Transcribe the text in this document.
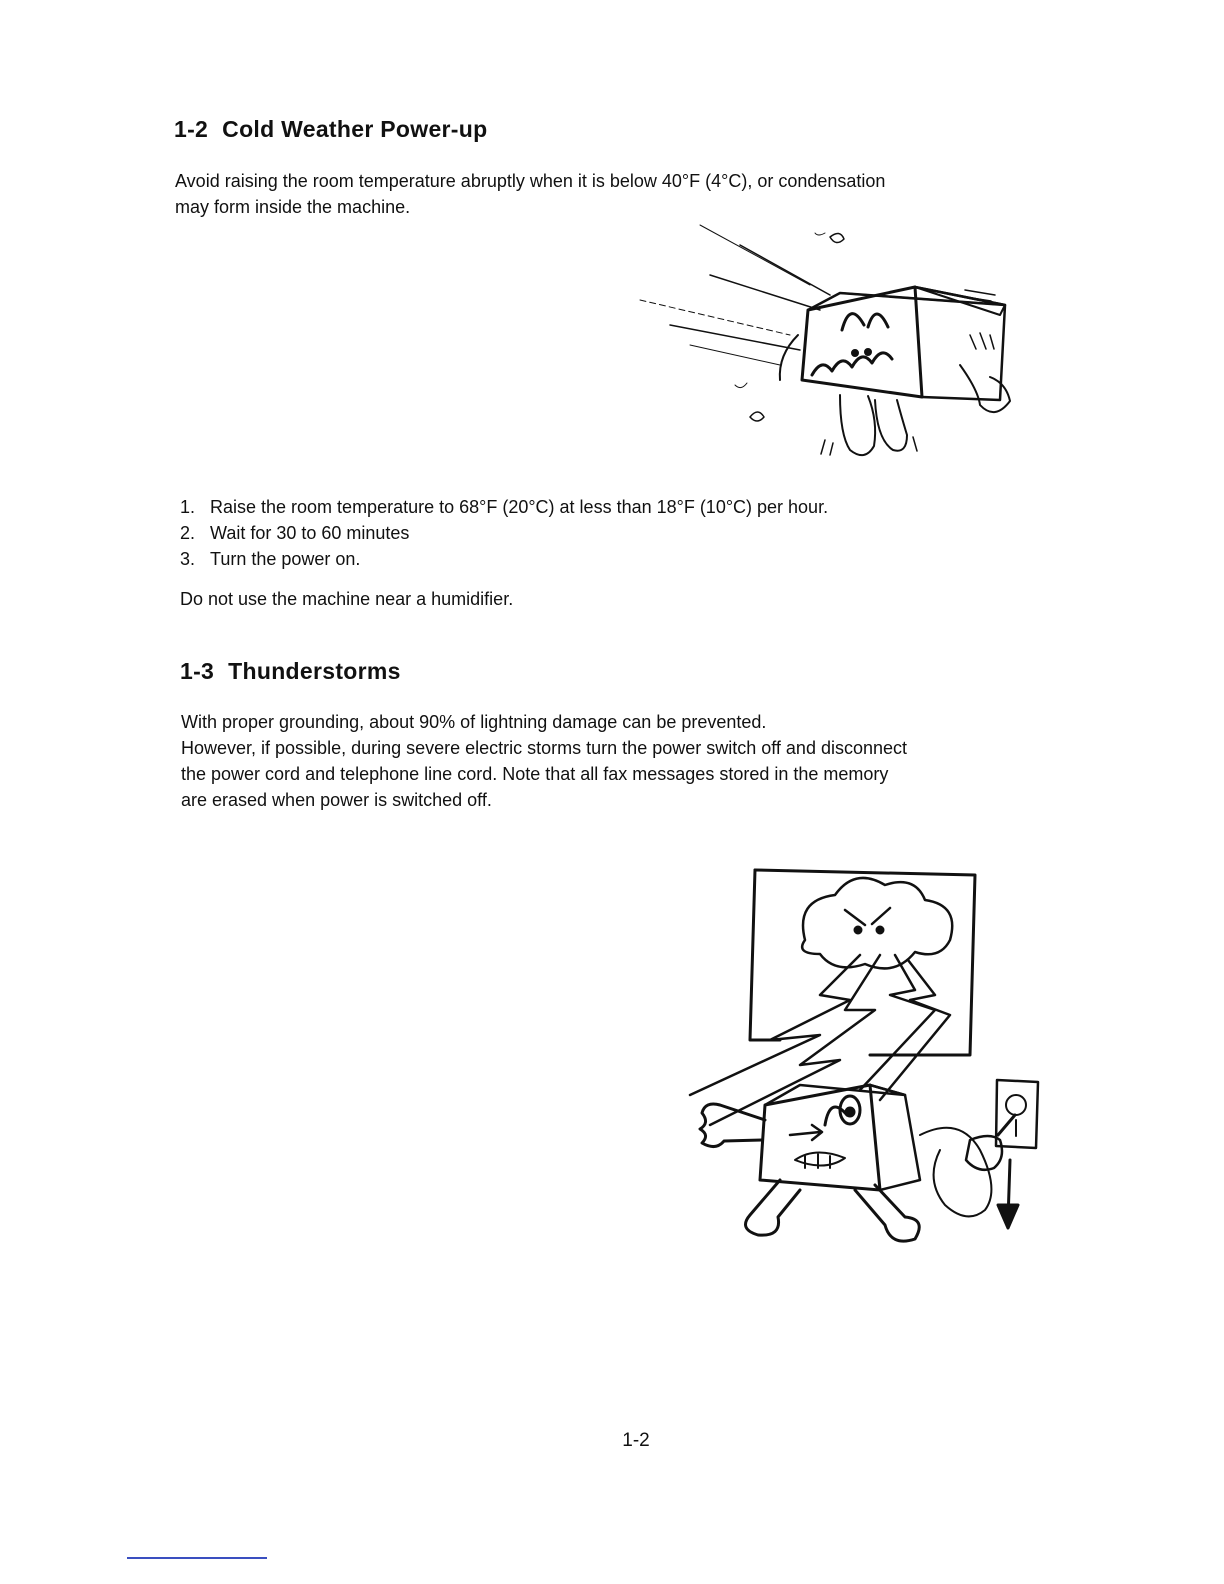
1-2 Cold Weather Power-up

Avoid raising the room temperature abruptly when it is below 40°F (4°C), or condensation

may form inside the machine.

1. Raise the room temperature to 68°F (20°C) at less than 18°F (10°C) per hour.
2. Wait for 30 to 60 minutes
3. Turn the power on.

Do not use the machine near a humidifier.

1-3 Thunderstorms

With proper grounding, about 90% of lightning damage can be prevented.

However, if possible, during severe electric storms turn the power switch off and disconnect

the power cord and telephone line cord. Note that all fax messages stored in the memory

are erased when power is switched off.

1-2
